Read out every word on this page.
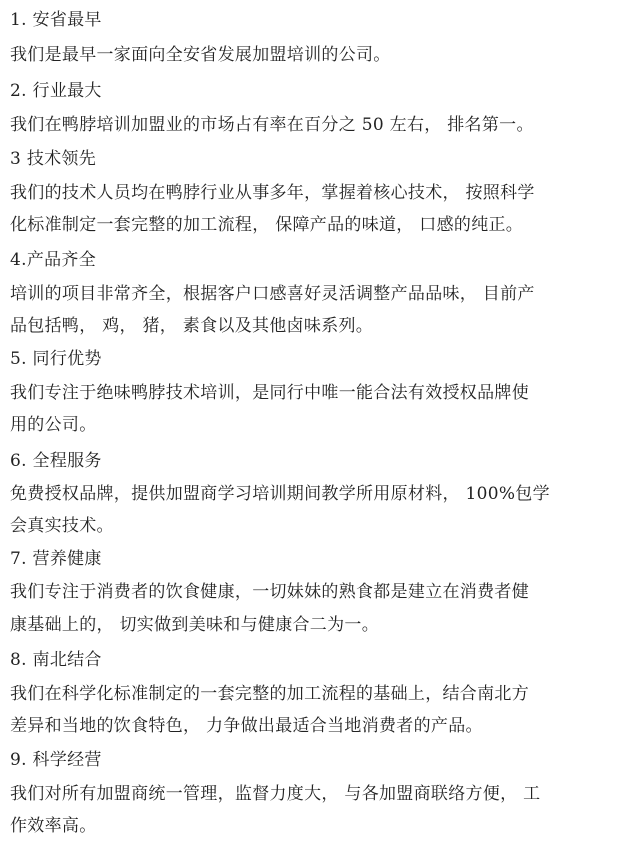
1. 安省最早
我们是最早一家面向全安省发展加盟培训的公司。
2. 行业最大
我们在鸭脖培训加盟业的市场占有率在百分之 50 左右， 排名第一。
3 技术领先
我们的技术人员均在鸭脖行业从事多年，掌握着核心技术， 按照科学
化标准制定一套完整的加工流程， 保障产品的味道， 口感的纯正。
4.产品齐全
培训的项目非常齐全，根据客户口感喜好灵活调整产品品味， 目前产
品包括鸭， 鸡， 猪， 素食以及其他卤味系列。
5. 同行优势
我们专注于绝味鸭脖技术培训，是同行中唯一能合法有效授权品牌使
用的公司。
6. 全程服务
免费授权品牌，提供加盟商学习培训期间教学所用原材料， 100%包学
会真实技术。
7. 营养健康
我们专注于消费者的饮食健康，一切妹妹的熟食都是建立在消费者健
康基础上的， 切实做到美味和与健康合二为一。
8. 南北结合
我们在科学化标准制定的一套完整的加工流程的基础上，结合南北方
差异和当地的饮食特色， 力争做出最适合当地消费者的产品。
9. 科学经营
我们对所有加盟商统一管理，监督力度大， 与各加盟商联络方便， 工
作效率高。
